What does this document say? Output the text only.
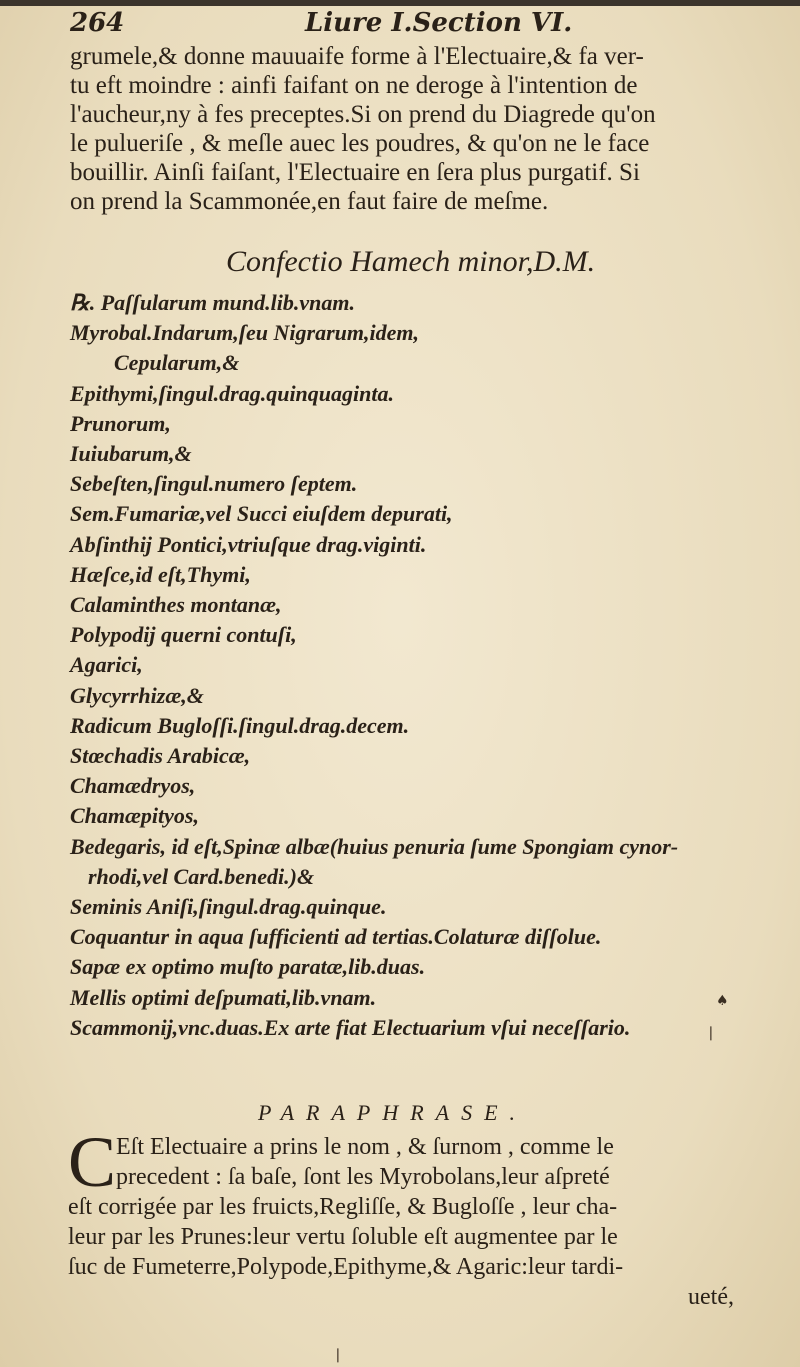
264	Liure I.Section VI.
grumele,& donne mauuaife forme à l'Electuaire,& fa ver-
tu eft moindre : ainfi faifant on ne deroge à l'intention de
l'aucheur,ny à fes preceptes.Si on prend du Diagrede qu'on
le pulueriſe , & meſle auec les poudres, & qu'on ne le face
bouillir. Ainſi faiſant, l'Electuaire en ſera plus purgatif. Si
on prend la Scammonée,en faut faire de meſme.
Confectio Hamech minor,D.M.
℞. Paſſularum mund.lib.vnam.
Myrobal.Indarum,ſeu Nigrarum,idem,
Cepularum,&
Epithymi,ſingul.drag.quinquaginta.
Prunorum,
Iuiubarum,&
Sebeſten,ſingul.numero ſeptem.
Sem.Fumariæ,vel Succi eiuſdem depurati,
Abſinthij Pontici,vtriuſque drag.viginti.
Hæſce,id eſt,Thymi,
Calaminthes montanæ,
Polypodij querni contuſi,
Agarici,
Glycyrrhizæ,&
Radicum Bugloſſi.ſingul.drag.decem.
Stœchadis Arabicæ,
Chamædryos,
Chamæpityos,
Bedegaris, id eſt,Spinæ albæ(huius penuria ſume Spongiam cynor-
rhodi,vel Card.benedi.)&
Seminis Aniſi,ſingul.drag.quinque.
Coquantur in aqua ſufficienti ad tertias.Colaturæ diſſolue.
Sapæ ex optimo muſto paratæ,lib.duas.
Mellis optimi deſpumati,lib.vnam.
Scammonij,vnc.duas.Ex arte fiat Electuarium vſui neceſſario.
PARAPHRASE.
C Eſt Electuaire a prins le nom , & ſurnom , comme le
precedent : ſa baſe, ſont les Myrobolans,leur aſpreté
eſt corrigée par les fruicts,Regliſſe, & Bugloſſe , leur cha-
leur par les Prunes:leur vertu ſoluble eſt augmentee par le
ſuc de Fumeterre,Polypode,Epithyme,& Agaric:leur tardi-
ueté,
♠
❘
❘
